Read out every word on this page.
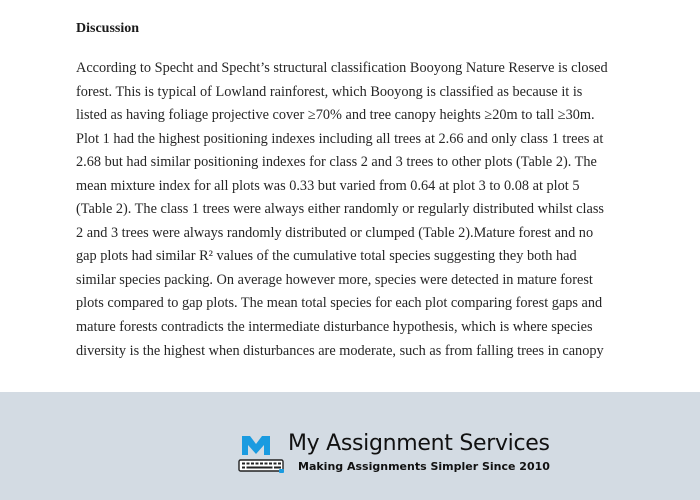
Discussion
According to Specht and Specht’s structural classification Booyong Nature Reserve is closed
forest. This is typical of Lowland rainforest, which Booyong is classified as because it is
listed as having foliage projective cover ≥70% and tree canopy heights ≥20m to tall ≥30m.
Plot 1 had the highest positioning indexes including all trees at 2.66 and only class 1 trees at
2.68 but had similar positioning indexes for class 2 and 3 trees to other plots (Table 2). The
mean mixture index for all plots was 0.33 but varied from 0.64 at plot 3 to 0.08 at plot 5
(Table 2). The class 1 trees were always either randomly or regularly distributed whilst class
2 and 3 trees were always randomly distributed or clumped (Table 2).Mature forest and no
gap plots had similar R² values of the cumulative total species suggesting they both had
similar species packing. On average however more, species were detected in mature forest
plots compared to gap plots. The mean total species for each plot comparing forest gaps and
mature forests contradicts the intermediate disturbance hypothesis, which is where species
diversity is the highest when disturbances are moderate, such as from falling trees in canopy
My Assignment Services
Making Assignments Simpler Since 2010
